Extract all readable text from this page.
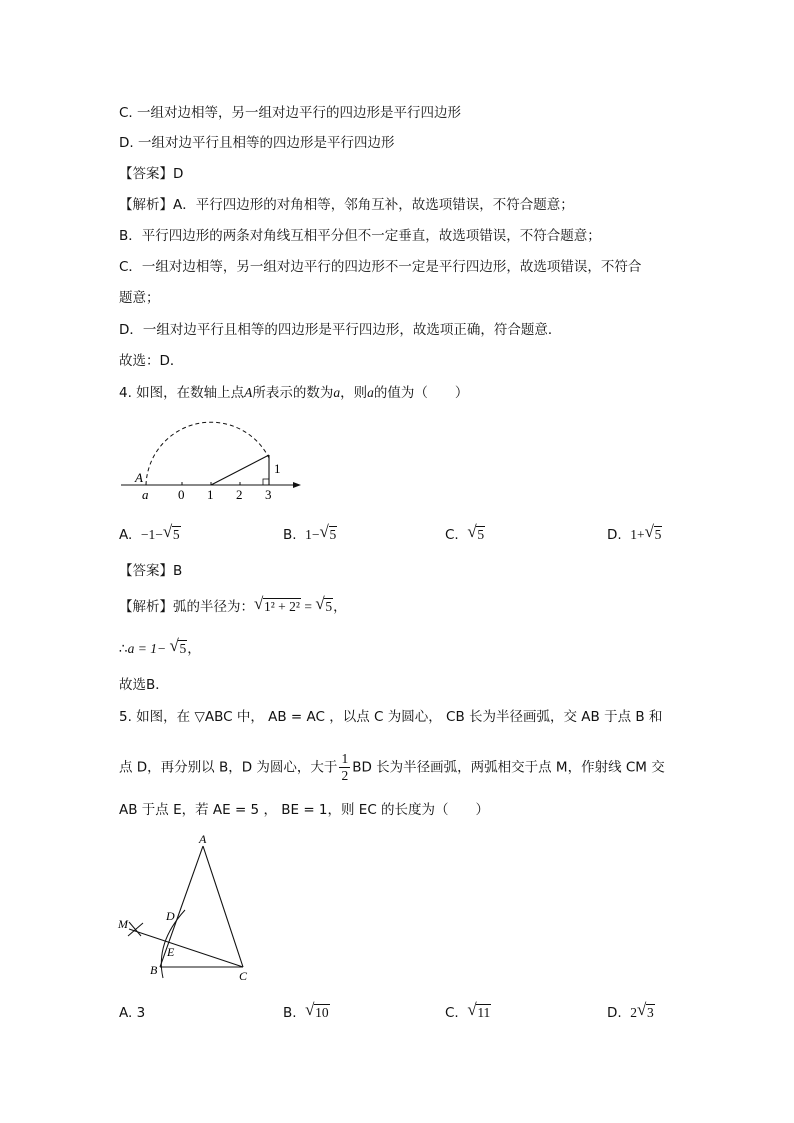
C. 一组对边相等，另一组对边平行的四边形是平行四边形
D. 一组对边平行且相等的四边形是平行四边形
【答案】D
【解析】A．平行四边形的对角相等，邻角互补，故选项错误，不符合题意；
B．平行四边形的两条对角线互相平分但不一定垂直，故选项错误，不符合题意；
C．一组对边相等，另一组对边平行的四边形不一定是平行四边形，故选项错误，不符合
题意；
D．一组对边平行且相等的四边形是平行四边形，故选项正确，符合题意．
故选：D．
4. 如图，在数轴上点A所表示的数为a，则a的值为（　　）
A
a 0 1 2 3
1
A. −1− √ 5	B. 1− √ 5	C. √ 5	D. 1+ √ 5
【答案】B
【解析】弧的半径为： √ 1² + 2² = √ 5，
∴a = 1− √ 5，
故选B．
5. 如图，在 ▽ABC 中， AB = AC ，以点 C 为圆心， CB 长为半径画弧，交 AB 于点 B 和
点 D，再分别以 B，D 为圆心，大于 $\frac{1}{2}$ BD 长为半径画弧，两弧相交于点 M，作射线 CM 交
AB 于点 E，若 AE = 5 ， BE = 1，则 EC 的长度为（　　）
A
B	C
D
E
M
A. 3	B. √ 10	C. √ 11	D. 2 √ 3
